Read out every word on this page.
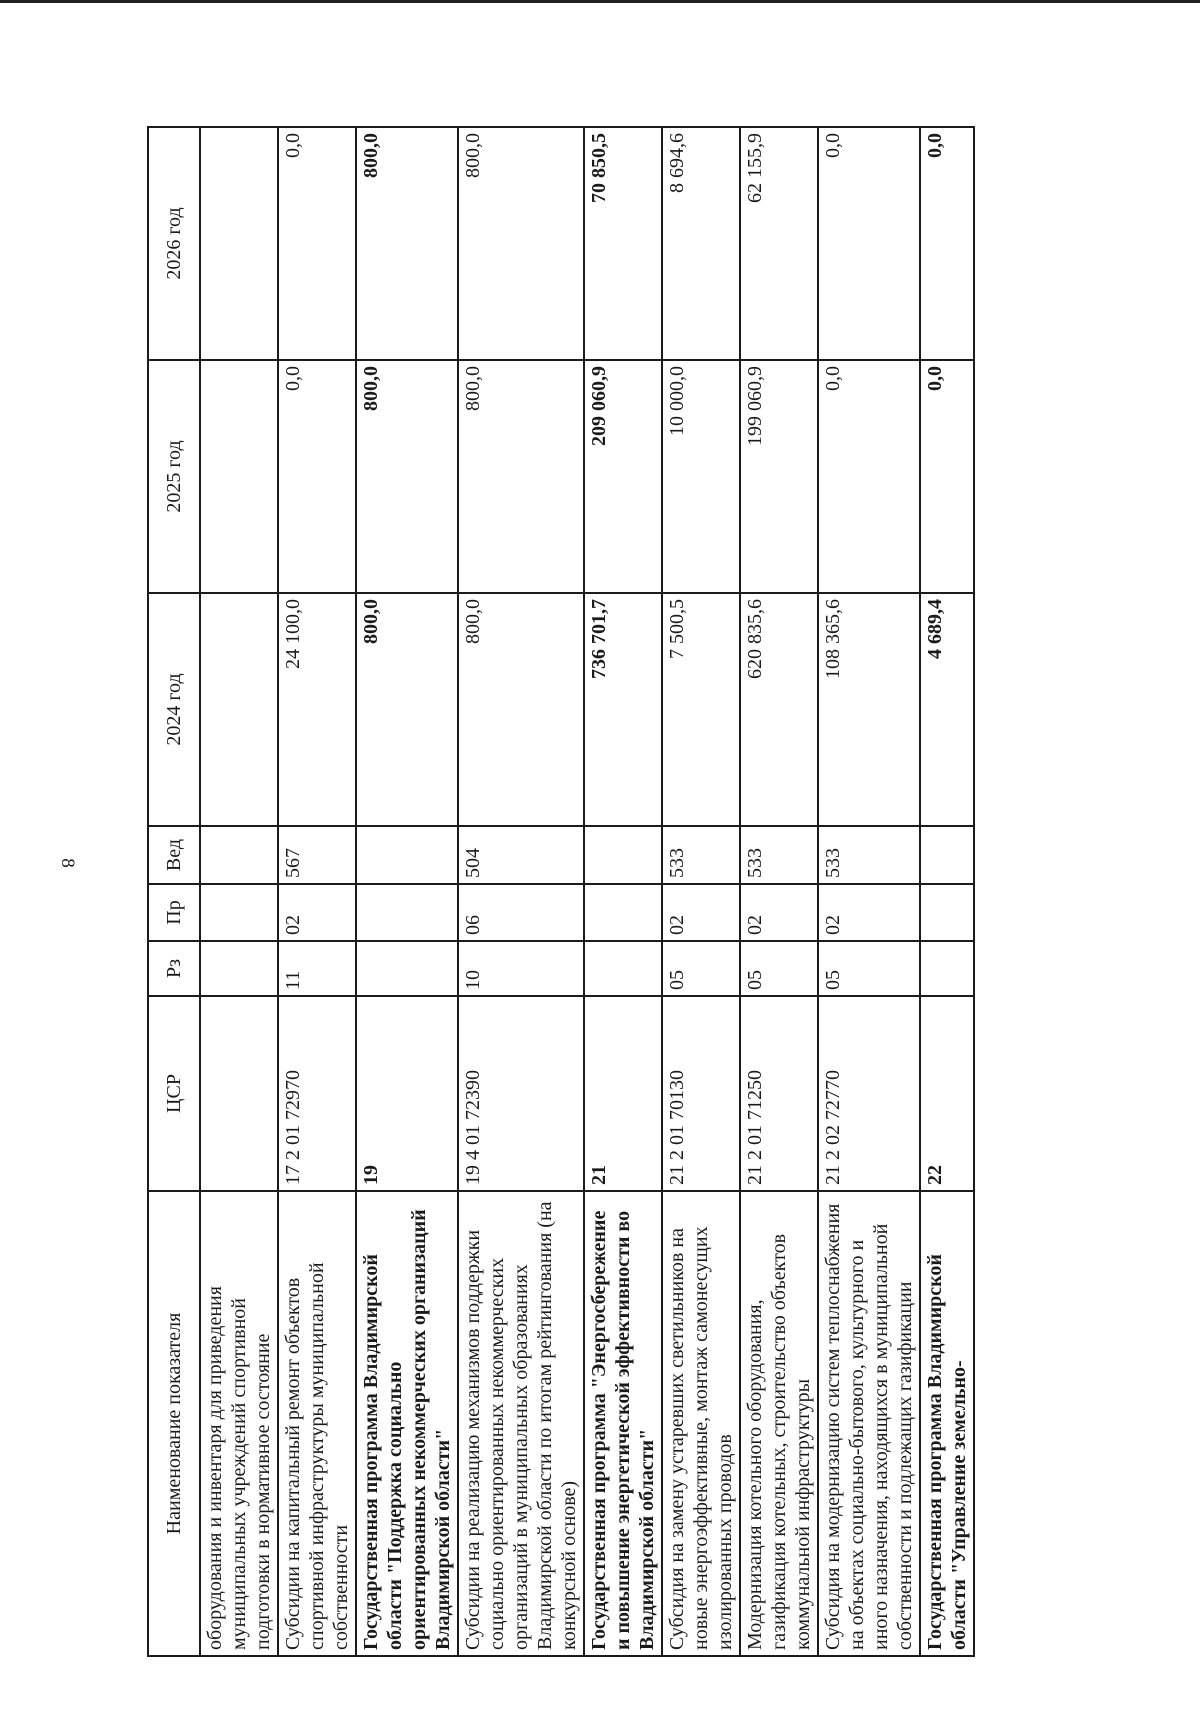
8
Наименование показателя	ЦСР	Рз	Пр	Вед	2024 год	2025 год	2026 год
оборудования и инвентаря для приведения муниципальных учреждений спортивной подготовки в нормативное состояние							
Субсидии на капитальный ремонт объектов спортивной инфраструктуры муниципальной собственности	17 2 01 72970	11	02	567	24 100,0	0,0	0,0
Государственная программа Владимирской области "Поддержка социально ориентированных некоммерческих организаций Владимирской области"	19				800,0	800,0	800,0
Субсидии на реализацию механизмов поддержки социально ориентированных некоммерческих организаций в муниципальных образованиях Владимирской области по итогам рейтингования (на конкурсной основе)	19 4 01 72390	10	06	504	800,0	800,0	800,0
Государственная программа "Энергосбережение и повышение энергетической эффективности во Владимирской области"	21				736 701,7	209 060,9	70 850,5
Субсидия на замену устаревших светильников на новые энергоэффективные, монтаж самонесущих изолированных проводов	21 2 01 70130	05	02	533	7 500,5	10 000,0	8 694,6
Модернизация котельного оборудования, газификация котельных, строительство объектов коммунальной инфраструктуры	21 2 01 71250	05	02	533	620 835,6	199 060,9	62 155,9
Субсидия на модернизацию систем теплоснабжения на объектах социально-бытового, культурного и иного назначения, находящихся в муниципальной собственности и подлежащих газификации	21 2 02 72770	05	02	533	108 365,6	0,0	0,0
Государственная программа Владимирской области "Управление земельно-	22				4 689,4	0,0	0,0
